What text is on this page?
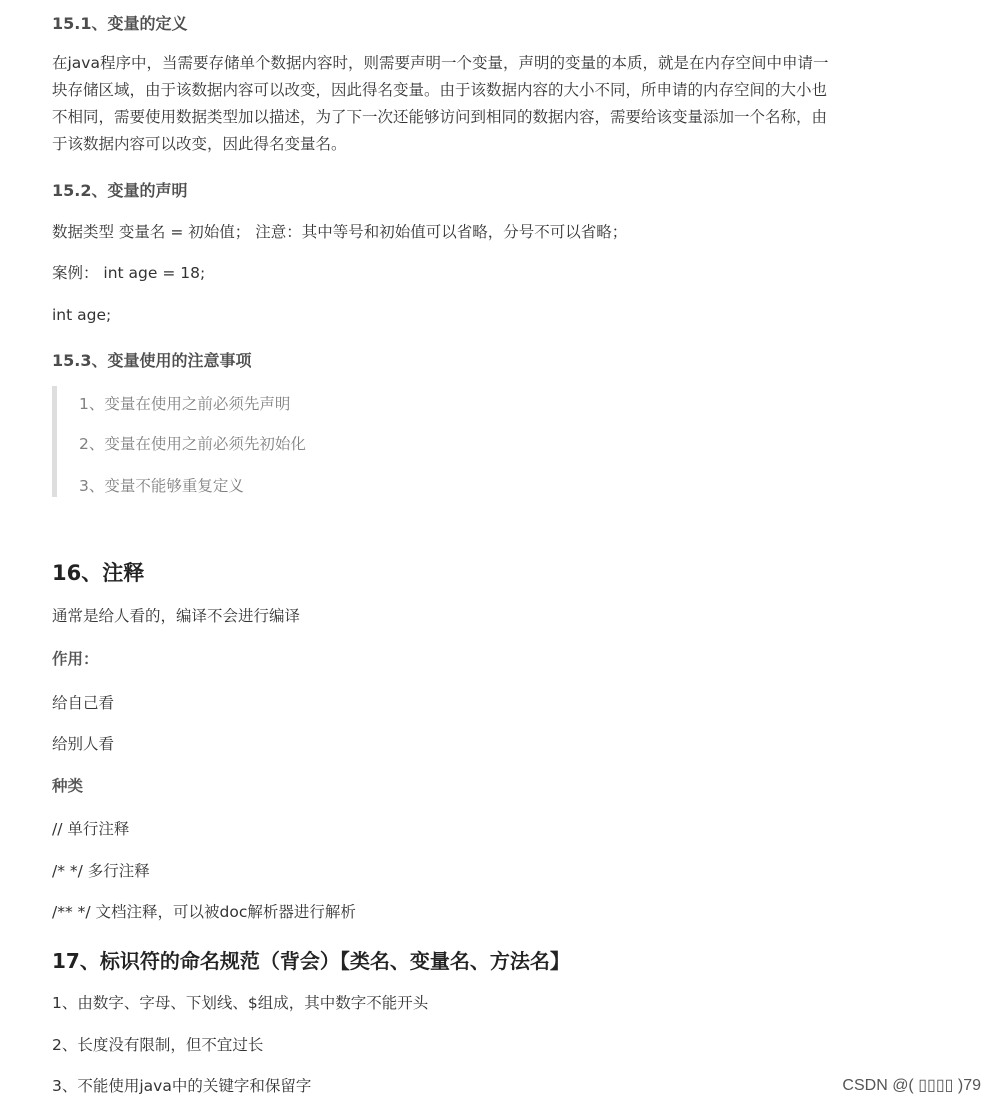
15.1、变量的定义
在java程序中，当需要存储单个数据内容时，则需要声明一个变量，声明的变量的本质，就是在内存空间中申请一
块存储区域，由于该数据内容可以改变，因此得名变量。由于该数据内容的大小不同，所申请的内存空间的大小也
不相同，需要使用数据类型加以描述，为了下一次还能够访问到相同的数据内容，需要给该变量添加一个名称，由
于该数据内容可以改变，因此得名变量名。
15.2、变量的声明
数据类型 变量名 = 初始值； 注意：其中等号和初始值可以省略，分号不可以省略；
案例： int age = 18;
int age;
15.3、变量使用的注意事项
1、变量在使用之前必须先声明
2、变量在使用之前必须先初始化
3、变量不能够重复定义
16、注释
通常是给人看的，编译不会进行编译
作用：
给自己看
给别人看
种类
// 单行注释
/* */ 多行注释
/** */ 文档注释，可以被doc解析器进行解析
17、标识符的命名规范（背会）【类名、变量名、方法名】
1、由数字、字母、下划线、$组成，其中数字不能开头
2、长度没有限制，但不宜过长
3、不能使用java中的关键字和保留字	CSDN @( ▯▯▯▯ )79
